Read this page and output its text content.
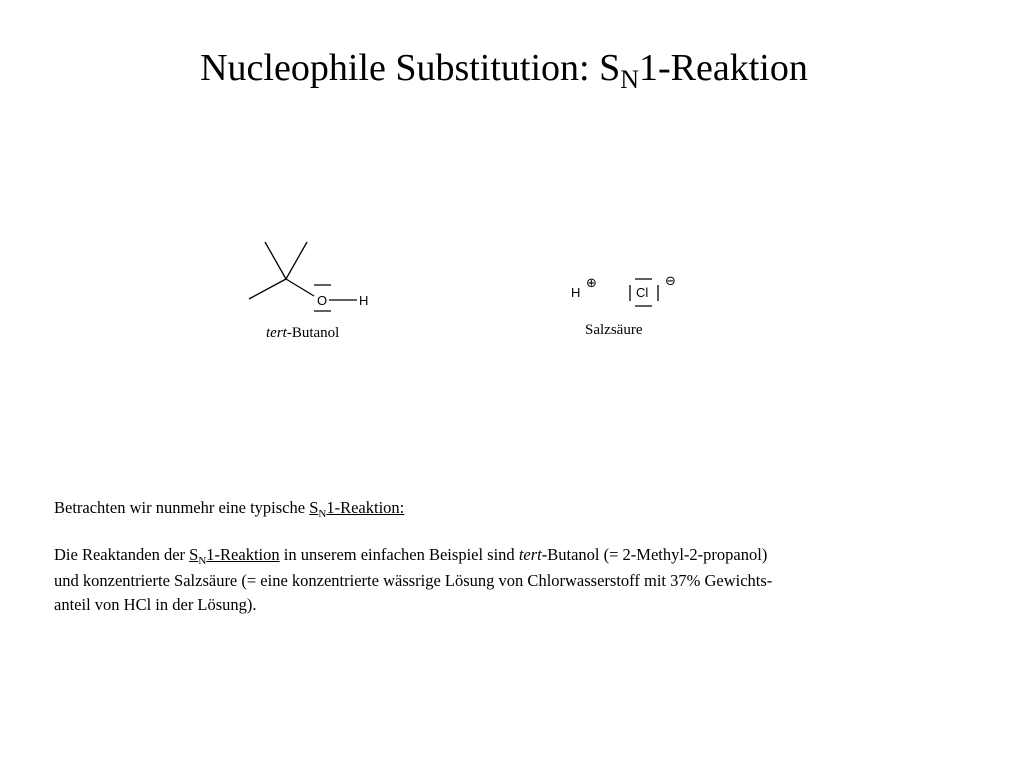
Nucleophile Substitution: $S_N1$-Reaktion
O H
H
⊕
Cl
⊖
tert-Butanol	Salzsäure

Betrachten wir nunmehr eine typische $S_N1$-Reaktion:

Die Reaktanden der $S_N1$-Reaktion in unserem einfachen Beispiel sind tert-Butanol (= 2-Methyl-2-propanol)

und konzentrierte Salzsäure (= eine konzentrierte wässrige Lösung von Chlorwasserstoff mit 37% Gewichts-

anteil von HCl in der Lösung).
